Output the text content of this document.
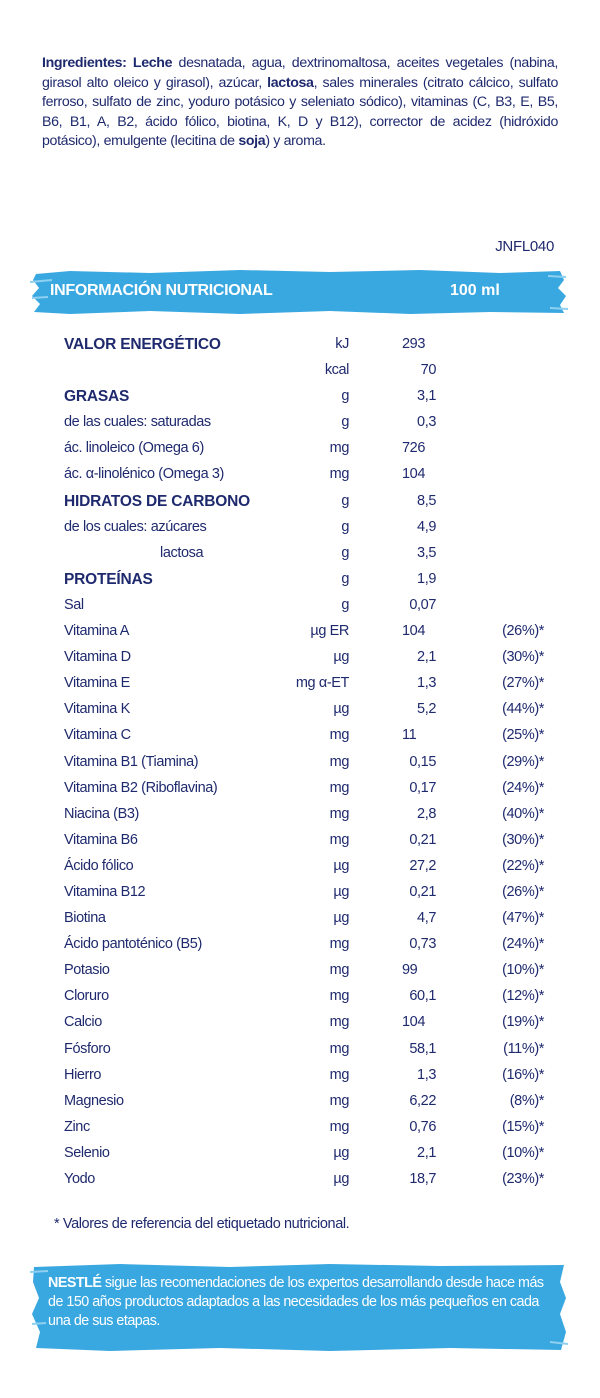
Ingredientes: Leche desnatada, agua, dextrinomaltosa, aceites vegetales (nabina, girasol alto oleico y girasol), azúcar, lactosa, sales minerales (citrato cálcico, sulfato ferroso, sulfato de zinc, yoduro potásico y seleniato sódico), vitaminas (C, B3, E, B5, B6, B1, A, B2, ácido fólico, biotina, K, D y B12), corrector de acidez (hidróxido potásico), emulgente (lecitina de soja) y aroma.
JNFL040
INFORMACIÓN NUTRICIONAL	100 ml
VALOR ENERGÉTICO	kJ	293
kcal	70
GRASAS	g	3,1
de las cuales: saturadas	g	0,3
ác. linoleico (Omega 6)	mg	726
ác. α-linolénico (Omega 3)	mg	104
HIDRATOS DE CARBONO	g	8,5
de los cuales: azúcares	g	4,9
lactosa	g	3,5
PROTEÍNAS	g	1,9
Sal	g	0,07
Vitamina A	µg ER	104	(26%)*
Vitamina D	µg	2,1	(30%)*
Vitamina E	mg α-ET	1,3	(27%)*
Vitamina K	µg	5,2	(44%)*
Vitamina C	mg	11	(25%)*
Vitamina B1 (Tiamina)	mg	0,15	(29%)*
Vitamina B2 (Riboflavina)	mg	0,17	(24%)*
Niacina (B3)	mg	2,8	(40%)*
Vitamina B6	mg	0,21	(30%)*
Ácido fólico	µg	27,2	(22%)*
Vitamina B12	µg	0,21	(26%)*
Biotina	µg	4,7	(47%)*
Ácido pantoténico (B5)	mg	0,73	(24%)*
Potasio	mg	99	(10%)*
Cloruro	mg	60,1	(12%)*
Calcio	mg	104	(19%)*
Fósforo	mg	58,1	(11%)*
Hierro	mg	1,3	(16%)*
Magnesio	mg	6,22	(8%)*
Zinc	mg	0,76	(15%)*
Selenio	µg	2,1	(10%)*
Yodo	µg	18,7	(23%)*
* Valores de referencia del etiquetado nutricional.
NESTLÉ sigue las recomendaciones de los expertos desarrollando desde hace más de 150 años productos adaptados a las necesidades de los más pequeños en cada una de sus etapas.
